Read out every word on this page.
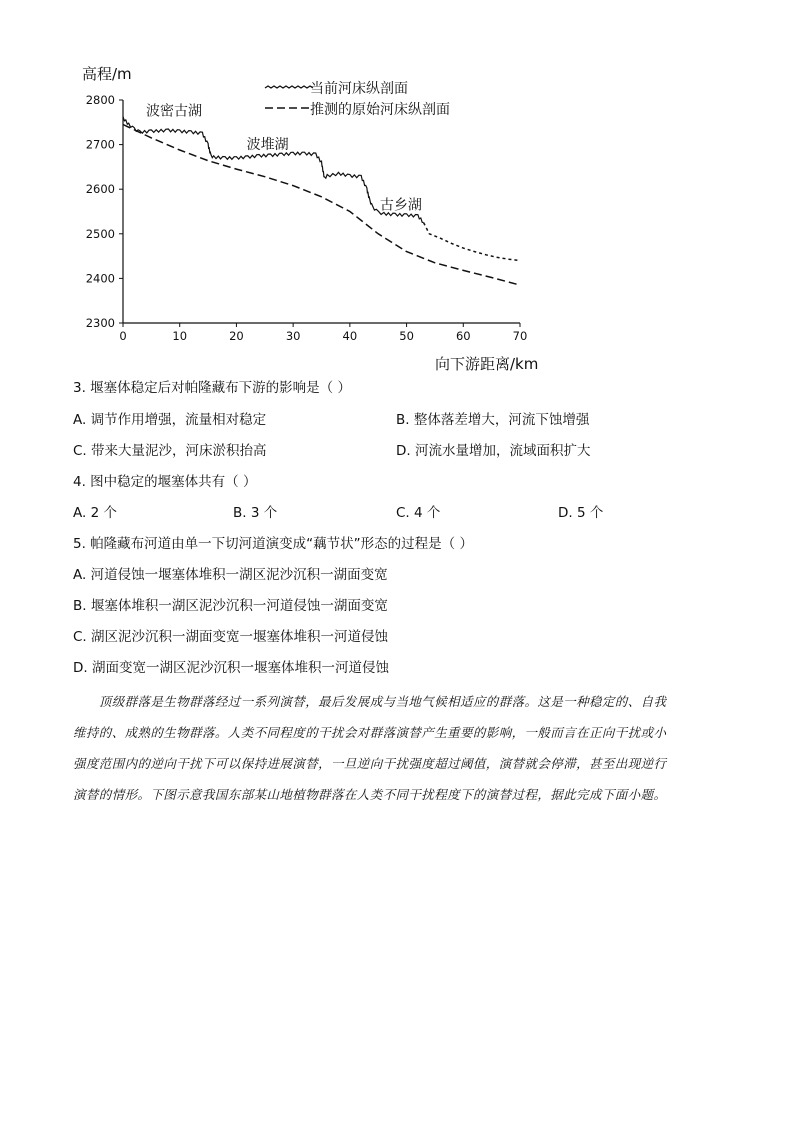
高程/m
向下游距离/km
2300
2400
2500
2600
2700
2800
0	10	20	30	40	50	60	70
波密古湖
波堆湖
古乡湖
当前河床纵剖面
推测的原始河床纵剖面
3. 堰塞体稳定后对帕隆藏布下游的影响是（ ）
A. 调节作用增强，流量相对稳定	B. 整体落差增大，河流下蚀增强
C. 带来大量泥沙，河床淤积抬高	D. 河流水量增加，流域面积扩大
4. 图中稳定的堰塞体共有（ ）
A. 2 个	B. 3 个	C. 4 个	D. 5 个
5. 帕隆藏布河道由单一下切河道演变成“藕节状”形态的过程是（ ）
A. 河道侵蚀一堰塞体堆积一湖区泥沙沉积一湖面变宽
B. 堰塞体堆积一湖区泥沙沉积一河道侵蚀一湖面变宽
C. 湖区泥沙沉积一湖面变宽一堰塞体堆积一河道侵蚀
D. 湖面变宽一湖区泥沙沉积一堰塞体堆积一河道侵蚀
　　顶级群落是生物群落经过一系列演替，最后发展成与当地气候相适应的群落。这是一种稳定的、自我
维持的、成熟的生物群落。人类不同程度的干扰会对群落演替产生重要的影响，一般而言在正向干扰或小
强度范围内的逆向干扰下可以保持进展演替，一旦逆向干扰强度超过阈值，演替就会停滞，甚至出现逆行
演替的情形。下图示意我国东部某山地植物群落在人类不同干扰程度下的演替过程，据此完成下面小题。
